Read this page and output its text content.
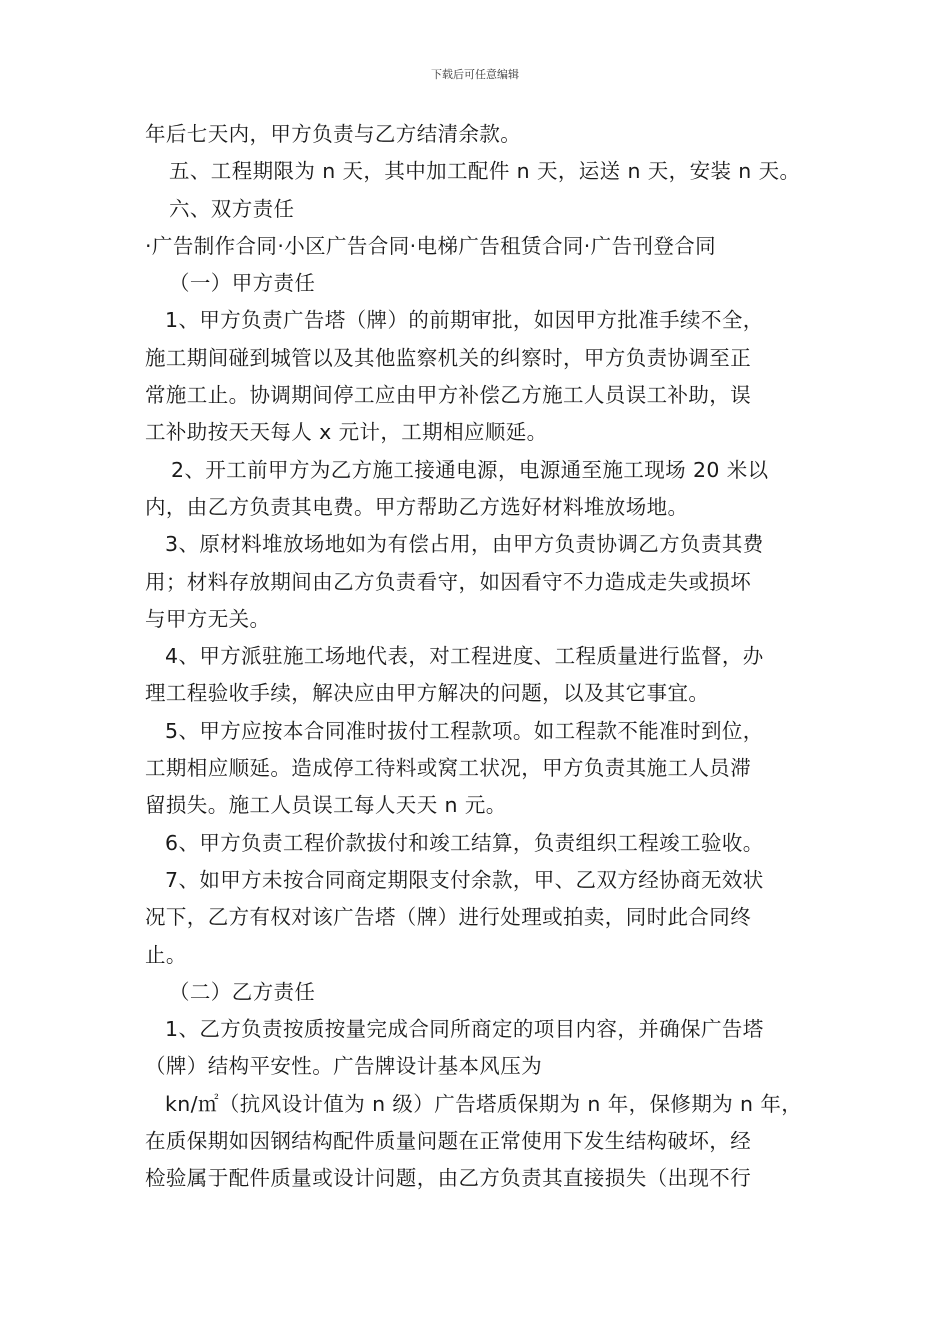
下载后可任意编辑
年后七天内，甲方负责与乙方结清余款。
五、工程期限为 n 天，其中加工配件 n 天，运送 n 天，安装 n 天。
六、双方责任
·广告制作合同·小区广告合同·电梯广告租赁合同·广告刊登合同
（一）甲方责任
1、甲方负责广告塔（牌）的前期审批，如因甲方批准手续不全，
施工期间碰到城管以及其他监察机关的纠察时，甲方负责协调至正
常施工止。协调期间停工应由甲方补偿乙方施工人员误工补助，误
工补助按天天每人 x 元计，工期相应顺延。
2、开工前甲方为乙方施工接通电源，电源通至施工现场 20 米以
内，由乙方负责其电费。甲方帮助乙方选好材料堆放场地。
3、原材料堆放场地如为有偿占用，由甲方负责协调乙方负责其费
用；材料存放期间由乙方负责看守，如因看守不力造成走失或损坏
与甲方无关。
4、甲方派驻施工场地代表，对工程进度、工程质量进行监督，办
理工程验收手续，解决应由甲方解决的问题，以及其它事宜。
5、甲方应按本合同准时拔付工程款项。如工程款不能准时到位，
工期相应顺延。造成停工待料或窝工状况，甲方负责其施工人员滞
留损失。施工人员误工每人天天 n 元。
6、甲方负责工程价款拔付和竣工结算，负责组织工程竣工验收。
7、如甲方未按合同商定期限支付余款，甲、乙双方经协商无效状
况下，乙方有权对该广告塔（牌）进行处理或拍卖，同时此合同终
止。
（二）乙方责任
1、乙方负责按质按量完成合同所商定的项目内容，并确保广告塔
（牌）结构平安性。广告牌设计基本风压为
kn/㎡（抗风设计值为 n 级）广告塔质保期为 n 年，保修期为 n 年，
在质保期如因钢结构配件质量问题在正常使用下发生结构破坏，经
检验属于配件质量或设计问题，由乙方负责其直接损失（出现不行
